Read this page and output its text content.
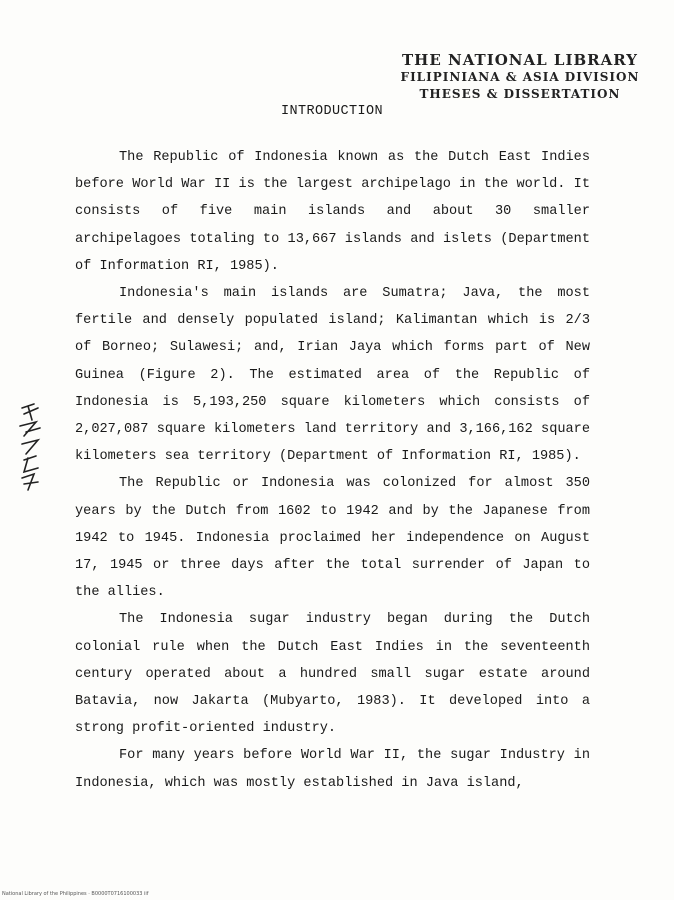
THE NATIONAL LIBRARY
FILIPINIANA & ASIA DIVISION
THESES & DISSERTATION
INTRODUCTION

The Republic of Indonesia known as the Dutch East Indies before World War II is the largest archipelago in the world. It consists of five main islands and about 30 smaller archipelagoes totaling to 13,667 islands and islets (Department of Information RI, 1985).

Indonesia's main islands are Sumatra; Java, the most fertile and densely populated island; Kalimantan which is 2/3 of Borneo; Sulawesi; and, Irian Jaya which forms part of New Guinea (Figure 2). The estimated area of the Republic of Indonesia is 5,193,250 square kilometers which consists of 2,027,087 square kilometers land territory and 3,166,162 square kilometers sea territory (Department of Information RI, 1985).

The Republic or Indonesia was colonized for almost 350 years by the Dutch from 1602 to 1942 and by the Japanese from 1942 to 1945. Indonesia proclaimed her independence on August 17, 1945 or three days after the total surrender of Japan to the allies.

The Indonesia sugar industry began during the Dutch colonial rule when the Dutch East Indies in the seventeenth century operated about a hundred small sugar estate around Batavia, now Jakarta (Mubyarto, 1983). It developed into a strong profit-oriented industry.

For many years before World War II, the sugar Industry in Indonesia, which was mostly established in Java island,

National Library of the Philippines · B0000T0716100033 iif
